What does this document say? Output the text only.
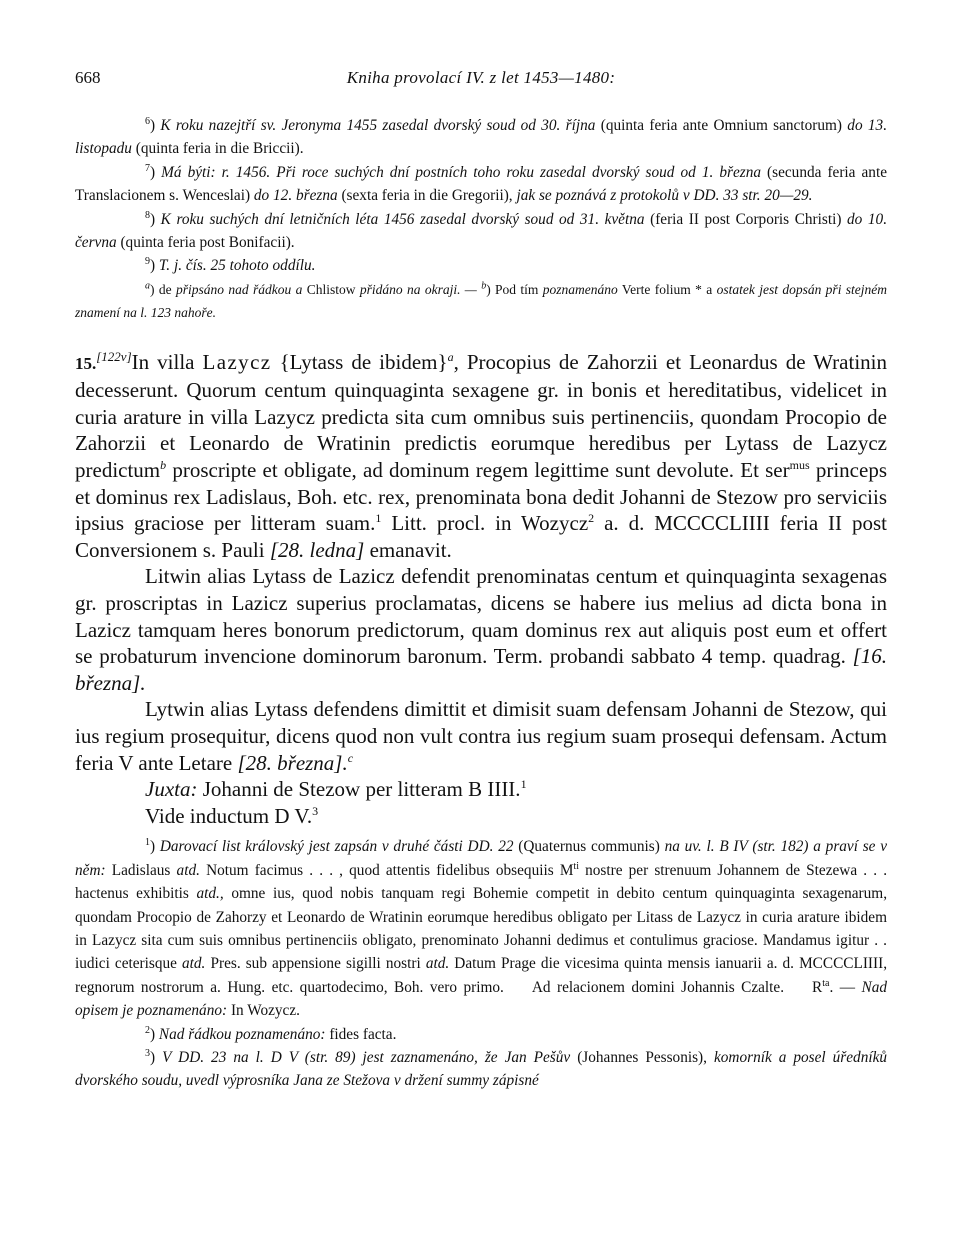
668	Kniha provolací IV. z let 1453—1480:

$^6$) K roku nazejtří sv. Jeronyma 1455 zasedal dvorský soud od 30. října (quinta feria ante Omnium sanctorum) do 13. listopadu (quinta feria in die Briccii).

$^7$) Má býti: r. 1456. Při roce suchých dní postních toho roku zasedal dvorský soud od 1. března (secunda feria ante Translacionem s. Wenceslai) do 12. března (sexta feria in die Gregorii), jak se poznává z protokolů v DD. 33 str. 20—29.

$^8$) K roku suchých dní letničních léta 1456 zasedal dvorský soud od 31. května (feria II post Corporis Christi) do 10. června (quinta feria post Bonifacii).

$^9$) T. j. čís. 25 tohoto oddílu.

$^a$) de připsáno nad řádkou a Chlistow přidáno na okraji. — $^b$) Pod tím poznamenáno Verte folium * a ostatek jest dopsán při stejném znamení na l. 123 nahoře.

15.[122v]In villa Lazycz {Lytass de ibidem}$^a$, Procopius de Zahorzii et Leonardus de Wratinin decesserunt. Quorum centum quinquaginta sexagene gr. in bonis et hereditatibus, videlicet in curia arature in villa Lazycz predicta sita cum omnibus suis pertinenciis, quondam Procopio de Zahorzii et Leonardo de Wratinin predictis eorumque heredibus per Lytass de Lazycz predictum$^b$ proscripte et obligate, ad dominum regem legittime sunt devolute. Et ser$^{mus}$ princeps et dominus rex Ladislaus, Boh. etc. rex, prenominata bona dedit Johanni de Stezow pro serviciis ipsius graciose per litteram suam.$^1$ Litt. procl. in Wozycz$^2$ a. d. MCCCCLIIII feria II post Conversionem s. Pauli [28. ledna] emanavit.

Litwin alias Lytass de Lazicz defendit prenominatas centum et quinquaginta sexagenas gr. proscriptas in Lazicz superius proclamatas, dicens se habere ius melius ad dicta bona in Lazicz tamquam heres bonorum predictorum, quam dominus rex aut aliquis post eum et offert se probaturum invencione dominorum baronum. Term. probandi sabbato 4 temp. quadrag. [16. března].

Lytwin alias Lytass defendens dimittit et dimisit suam defensam Johanni de Stezow, qui ius regium prosequitur, dicens quod non vult contra ius regium suam prosequi defensam. Actum feria V ante Letare [28. března].$^c$

Juxta: Johanni de Stezow per litteram B IIII.$^1$

Vide inductum D V.$^3$

$^1$) Darovací list královský jest zapsán v druhé části DD. 22 (Quaternus communis) na uv. l. B IV (str. 182) a praví se v něm: Ladislaus atd. Notum facimus . . . , quod attentis fidelibus obsequiis $M^{ti}$ nostre per strenuum Johannem de Stezewa . . . hactenus exhibitis atd., omne ius, quod nobis tanquam regi Bohemie competit in debito centum quinquaginta sexagenarum, quondam Procopio de Zahorzy et Leonardo de Wratinin eorumque heredibus obligato per Litass de Lazycz in curia arature ibidem in Lazycz sita cum suis omnibus pertinenciis obligato, prenominato Johanni dedimus et contulimus graciose. Mandamus igitur . . iudici ceterisque atd. Pres. sub appensione sigilli nostri atd. Datum Prage die vicesima quinta mensis ianuarii a. d. MCCCCLIIII, regnorum nostrorum a. Hung. etc. quartodecimo, Boh. vero primo. Ad relacionem domini Johannis Czalte. $R^{ta}$. — Nad opisem je poznamenáno: In Wozycz.

$^2$) Nad řádkou poznamenáno: fides facta.

$^3$) V DD. 23 na l. D V (str. 89) jest zaznamenáno, že Jan Pešův (Johannes Pessonis), komorník a posel úředníků dvorského soudu, uvedl výprosníka Jana ze Stežova v držení summy zápisné
